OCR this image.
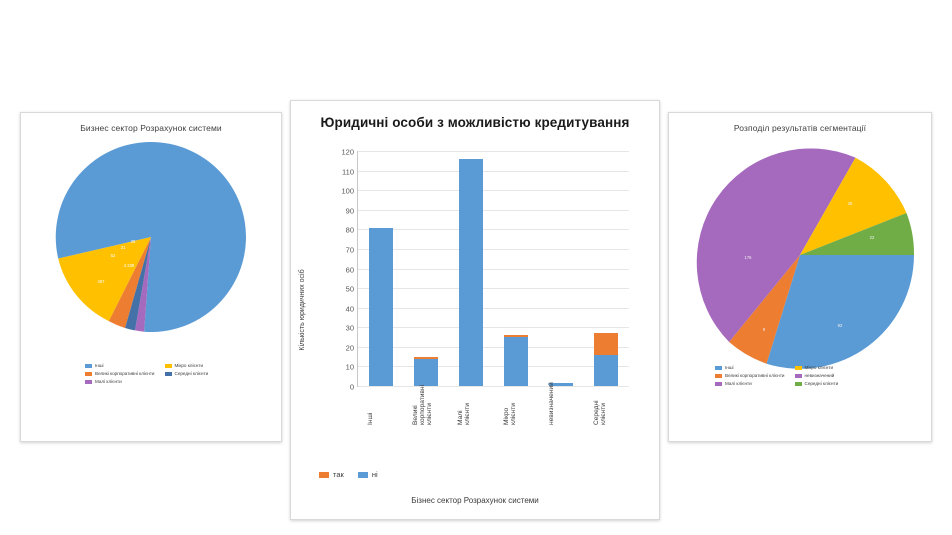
Бизнес сектор Розрахунок системи
4 338
467
52
31
28
Інші	Мікро клієнти
Великі корпоративні клієнти	Середні клієнти
Малі клієнти
Юридичні особи з можливістю кредитування
Кількість юридичних осіб
120
110
100
90
80
70
60
50
40
30
20
10
0
Інші	Великі корпоративні клієнти	Малі клієнти	Мікро клієнти	невизначений	Середні клієнти
так	ні
Бізнес сектор Розрахунок системи
Розподіл результатів сегментації
92
176
39
22
9
Інші	Мікро клієнти
Великі корпоративні клієнти	невизначений
Малі клієнти	Середні клієнти
